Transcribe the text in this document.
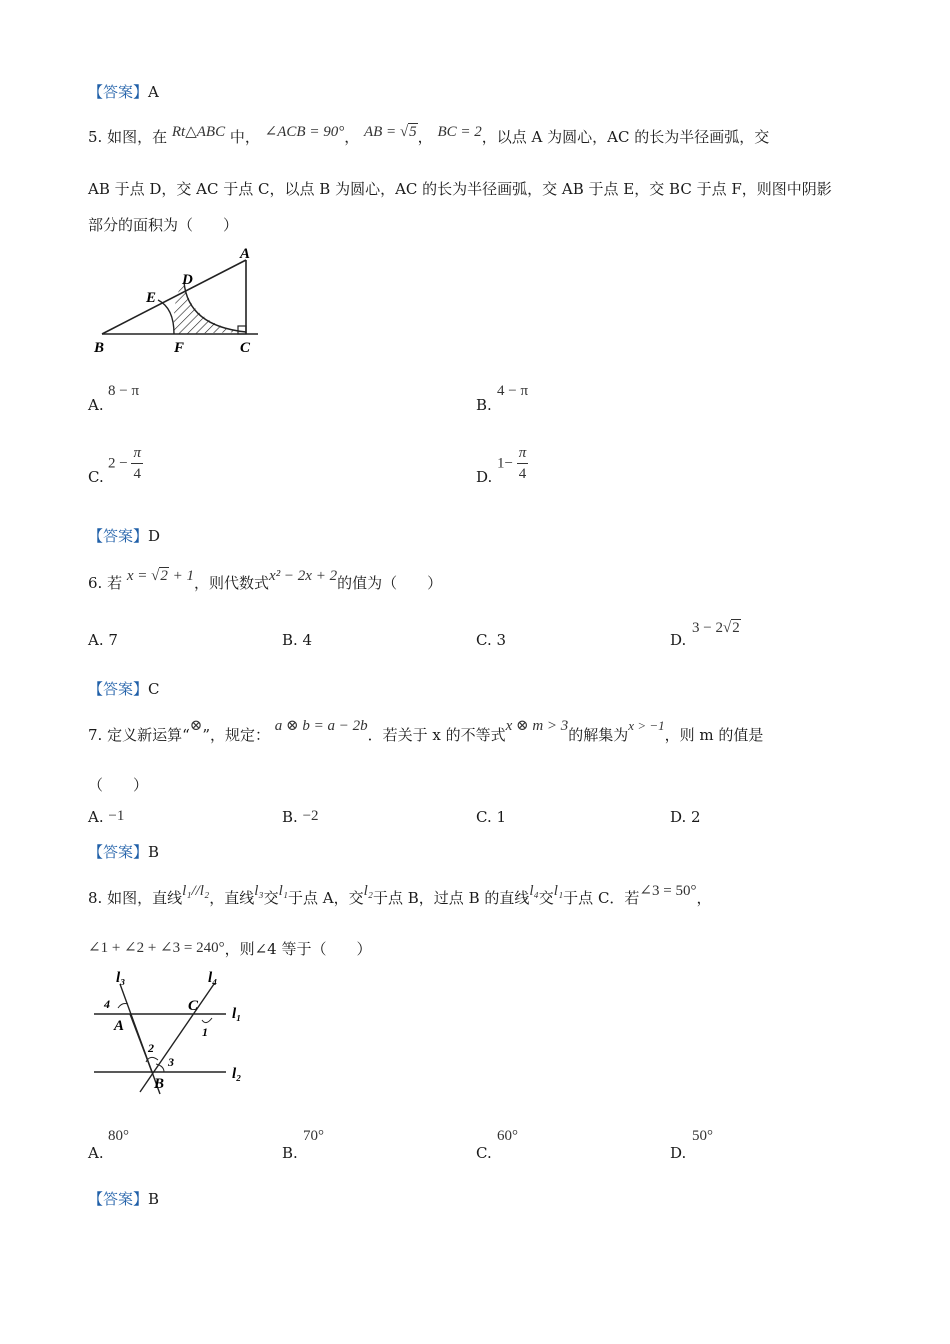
【答案】A
5. 如图，在 Rt△ABC 中， ∠ACB = 90°， AB = √5， BC = 2，以点 A 为圆心，AC 的长为半径画弧，交
AB 于点 D，交 AC 于点 C，以点 B 为圆心，AC 的长为半径画弧，交 AB 于点 E，交 BC 于点 F，则图中阴影
部分的面积为（　　）
A
B	C
D
E
F
A.
8 − π
B.
4 − π
C.
$2 - \frac{\pi}{4}$	D.
$1- \frac{\pi}{4}$
【答案】D
6. 若 x = √2 + 1，则代数式x² − 2x + 2的值为（　　）
A. 7	B. 4	C. 3	D.
3 − 2√2
【答案】C
7. 定义新运算“⊗”，规定： a ⊗ b = a − 2b．若关于 x 的不等式x ⊗ m > 3的解集为x > −1，则 m 的值是
（　　）
A. −1	B. −2	C. 1	D. 2
【答案】B
8. 如图，直线l₁//l₂，直线l₃交l₁于点 A，交l₂于点 B，过点 B 的直线l₄交l₁于点 C．若∠3 = 50°，
∠1 + ∠2 + ∠3 = 240°，则∠4 等于（　　）
l₃	l₄
l₁
l₂
A
B
C
1
2
3
4
A.
80°
B.
70°
C.
60°
D.
50°
【答案】B
